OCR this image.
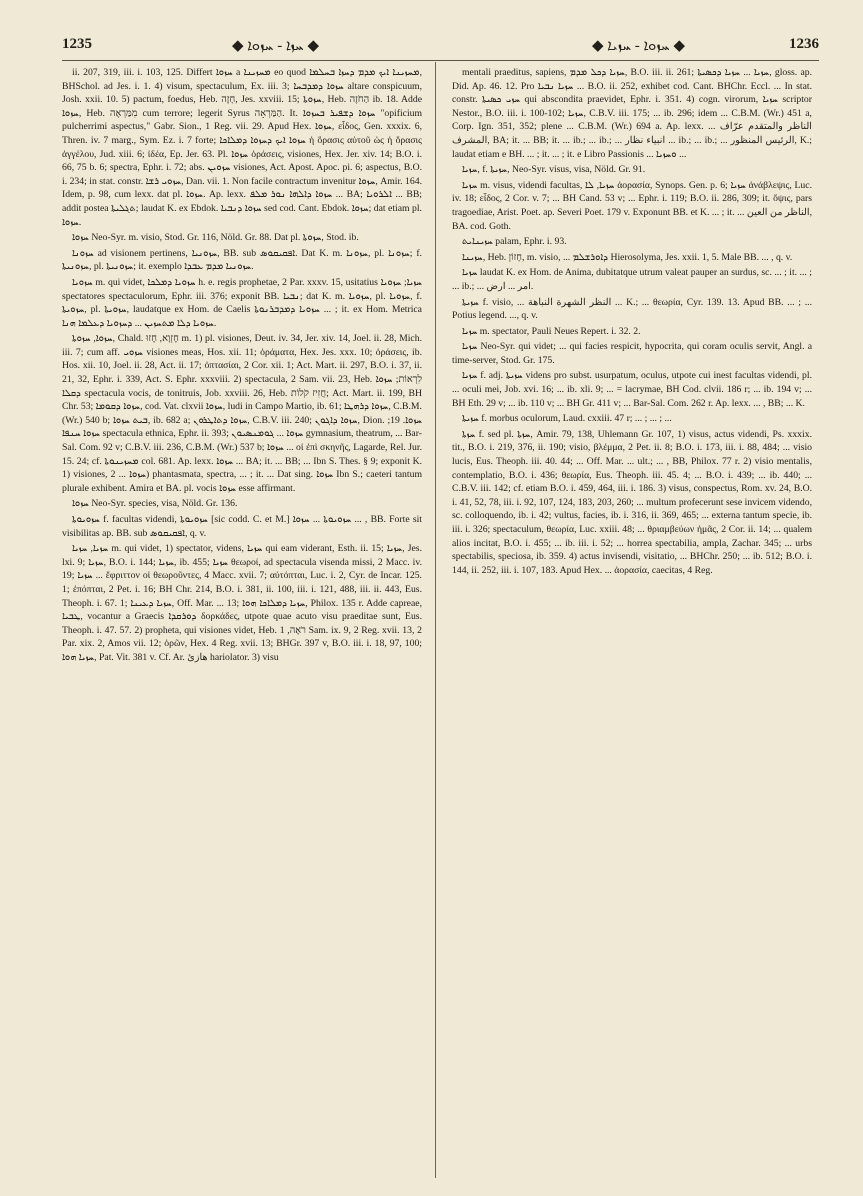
1235	◆ ܚܙܐ - ܚܙܘܐ ◆	◆ ܚܙܘܐ - ܚܙܝܐ ◆	1236

ii. 207, 319, iii. i. 103, 125. Differt ܚܙܘܐ a ܡܚܙܝܢܐ eo quod ܡܚܙܝܢܐ ܐܝܟ ܡܕܡ ܕܚܙܐ ܒܚܠܡܐ, BHSchol. ad Jes. i. 1. 4) visum, spectaculum, Ex. iii. 3; ܚܙܘܐ ܕܡܕܒܚܐ altare conspicuum, Josh. xxii. 10. 5) pactum, foedus, Heb. חָזֶה, Jes. xxviii. 15; ܚܙܘܬܐ, Heb. הַחֹזֶה ib. 18. Adde ܚܙܘܐ, Heb. מִמַּרְאֶה cum terrore; legerit Syrus הַמַּרְאָה. It. ܚܙܘܐ ܕܫܦܝܪ ܒܚܙܘܐ "opificium pulcherrimi aspectus," Gabr. Sion., 1 Reg. vii. 29. Apud Hex. ܚܙܘܐ, εἶδος, Gen. xxxix. 6, Thren. iv. 7 marg., Sym. Ez. i. 7 forte; ܚܙܘܐ ܐܝܟ ܕܚܙܘܐ ܕܡܠܐܟܐ ἡ ὅρασις αὐτοῦ ὡς ἡ ὅρασις ἀγγέλου, Jud. xiii. 6; ἰδέα, Ep. Jer. 63. Pl. ܚܙܘܐ ὁράσεις, visiones, Hex. Jer. xiv. 14; B.O. i. 66, 75 b. 6; spectra, Ephr. i. 72; abs. ܚܙܘܝܢ visiones, Act. Apost. Apoc. pi. 6; aspectus, B.O. i. 234; in stat. constr. ܚܙܘܝ ܪܫܐ, Dan. vii. 1. Non facile contractum invenitur ܚܙܘܐ, Amir. 164. Idem, p. 98, cum lexx. dat pl. ܚܙܘܐ. Ap. lexx. ܚܙܘܐ ܕܐܠܗܐ ܢܘܪ ܡܠܦ ... BA; ܐܠܪܘܝܐ ... BB; addit postea ܬܓܠܝܬܐ; laudat K. ex Ebdok. ܚܙܘܐ ܕܢܒܝܐ sed cod. Cant. Ebdok. ܚܙܘܐ; dat etiam pl. ܚܙܘܐ.

ܚܙܘܐ Neo-Syr. m. visio, Stod. Gr. 116, Nöld. Gr. 88. Dat pl. ܚܙܘܬܐ, Stod. ib.

ܚܙܘܢܐ ad visionem pertinens, ܚܙܘܢܝܐ, BB. sub ܐܦܩܝܩܘܣ. Dat K. m. ܚܙܘܢܐ, pl. ܚܙܘܢܐ; f. ܚܙܘܢܝܬܐ, pl. ܚܙܘܢܝܬܐ; it. exemplo ܚܙܘܢܝܐ ܡܕܡ ܥܒܕܐ.

ܚܙܘܝܐ m. qui videt, ܚܙܘܝܐ ܕܡܠܟܐ h. e. regis prophetae, 2 Par. xxxv. 15, usitatius ܚܙܝܐ; ܚܙܘܝܐ spectatores spectaculorum, Ephr. iii. 376; exponit BB. ܢܒܝܐ; dat K. m. ܚܙܘܝܐ, pl. ܚܙܘܝܐ, f. ܚܙܘܝܬܐ, pl. ܚܙܘܝܬܐ, laudatque ex Hom. de Caelis ܚܙܘܝܐ ܕܡܕܒܪܢܘܬܐ ... ; it. ex Hom. Metrica ܚܙܘܝܐ ܕܠܐ ܡܬܚܙܝܢ ... ܕܚܙܘܝܐ ܕܥܠܡܐ ܗܢܐ.

ܚܙܘܐ, ܚܙܘܬܐ, Chald. חֶזְוָא, חֶזוּ m. 1) pl. visiones, Deut. iv. 34, Jer. xiv. 14, Joel. ii. 28, Mich. iii. 7; cum aff. ܚܙܘܝ visiones meas, Hos. xii. 11; ὁράματα, Hex. Jes. xxx. 10; ὁράσεις, ib. Hos. xii. 10, Joel. ii. 28, Act. ii. 17; ὀπτασίαι, 2 Cor. xii. 1; Act. Mart. ii. 297, B.O. i. 37, ii. 21, 32, Ephr. i. 339, Act. S. Ephr. xxxviii. 2) spectacula, 2 Sam. vii. 23, Heb. לִרְאוֹת; ܚܙܘܐ ܕܩܠܐ spectacula vocis, de tonitruis, Job. xxviii. 26, Heb. חֲזִיז קֹלוֹת; Act. Mart. ii. 199, BH Chr. 53; ܚܙܘܐ ܕܩܘܡܐ, cod. Vat. clxvii ܚܙܘܐ, ludi in Campo Martio, ib. 61; ܚܙܘܐ ܕܪܗܛܐ, C.B.M. (Wr.) 540 b; ܒܝܬ ܚܙܘܐ, ib. 682 a; ܚܙܘܐ ܕܬܐܛܪܘܢ, C.B.V. iii. 240; ܚܙܘܐ ܕܐܓܘܢ, Dion. ܚܙܘܐ. 19; ܚܙܘܐ ܚܢܦܐ spectacula ethnica, Ephr. ii. 393; ܚܙܘܐ ... ܓܘܡܢܣܝܘܢ gymnasium, theatrum, ... Bar-Sal. Com. 92 v; C.B.V. iii. 236, C.B.M. (Wr.) 537 b; ܚܙܘܐ ... οἱ ἐπὶ σκηνῆς, Lagarde, Rel. Jur. 15. 24; cf. ܡܚܙܝܢܘܬܐ col. 681. Ap. lexx. ܚܙܘܐ ... BA; it. ... BB; ... Ibn S. Thes. § 9; exponit K. 1) visiones, ܚܙܘܐ ... 2) phantasmata, spectra, ... ; it. ... Dat sing. ܚܙܘܐ Ibn S.; caeteri tantum plurale exhibent. Amira et BA. pl. vocis ܚܙܘܐ esse affirmant.

ܚܙܘܐ Neo-Syr. species, visa, Nöld. Gr. 136.

ܚܙܘܝܘܬܐ f. facultas videndi, ܚܙܘܝܘܬܐ [sic codd. C. et M.] ܚܙܘܝܘܬܐ ... ܚܙܘܐ ... , BB. Forte sit visibilitas ap. BB. sub ܐܦܩܝܩܘܣ, q. v.

ܚܙܝܐ, ܚܙܝܐ m. qui videt, 1) spectator, videns, ܚܙܝܐ qui eam viderant, Esth. ii. 15; ܚܙܝܐ, Jes. lxi. 9; ܚܙܝܐ, B.O. i. 144; ܚܙܝܐ, ib. 455; ܚܙܝܐ θεωροί, ad spectacula visenda missi, 2 Macc. iv. 19; ܚܙܝܐ ... ἔφριττον οἱ θεωροῦντες, 4 Macc. xvii. 7; αὐτόπται, Luc. i. 2, Cyr. de Incar. 125. 1; ἐπόπται, 2 Pet. i. 16; BH Chr. 214, B.O. i. 381, ii. 100, iii. i. 121, 488, iii. ii. 443, Eus. Theoph. i. 67. 1; ܚܙܝܐ ܕܥܝܢܐ, Off. Mar. ... 13; ܚܙܝܐ ܕܡܠܐܟܐ ܗܘܐ, Philox. 135 r. Adde capreae, ܛܒܝܐ, vocantur a Graecis ܕܘܪܩܕܐ δορκάδες, utpote quae acuto visu praeditae sunt, Eus. Theoph. i. 47. 57. 2) propheta, qui visiones videt, Heb. רֹאֶה, 1 Sam. ix. 9, 2 Reg. xvii. 13, 2 Par. xix. 2, Amos vii. 12; ὁρῶν, Hex. 4 Reg. xvii. 13; BHGr. 397 v, B.O. iii. i. 18, 97, 100; ܚܙܝܐ ܗܘܐ, Pat. Vit. 381 v. Cf. Ar. هازئ hariolator. 3) visu

mentali praeditus, sapiens, ܚܙܝܐ ܕܟܠ ܡܕܡ, B.O. iii. ii. 261; ܚܙܝܐ ... ܚܙܝܐ ܕܟܣܝܬܐ, gloss. ap. Did. Ap. 46. 12. Pro ܚܙܝܐ ܢܒܝܐ ... B.O. ii. 252, exhibet cod. Cant. BHChr. Eccl. ... In stat. constr. ܚܙܝ ܟܣܝܬܐ qui abscondita praevidet, Ephr. i. 351. 4) cogn. virorum, ܚܙܝܐ scriptor Nestor., B.O. iii. i. 100-102; ܚܙܝܐ, C.B.V. iii. 175; ... ib. 296; idem ... C.B.M. (Wr.) 451 a, Corp. Ign. 351, 352; plene ... C.B.M. (Wr.) 694 a. Ap. lexx. ... الناظر والمتقدم عرّاف المشرف, BA; it. ... BB; it. ... ib.; ... ib.; ... انبياء نظار ... ib.; ... ib.; ... الرئيس المنظور, K.; laudat etiam e BH. ... ; it. ... ; it. e Libro Passionis ... ܘܚܙܝܐ ...

ܚܙܝܐ, f. ܚܙܝܬܐ, Neo-Syr. visus, visa, Nöld. Gr. 91.

ܚܙܝܐ m. visus, videndi facultas, ܚܙܝܐ, ܠܐ ἀορασία, Synops. Gen. p. 6; ܚܙܝܐ ἀνάβλεψις, Luc. iv. 18; εἶδος, 2 Cor. v. 7; ... BH Cand. 53 v; ... Ephr. i. 119; B.O. ii. 286, 309; it. ὄψις, pars tragoediae, Arist. Poet. ap. Severi Poet. 179 v. Exponunt BB. et K. ... ; it. ... الناظر من العين, BA. cod. Goth.

ܚܙܝܢܐܝܬ palam, Ephr. i. 93.

ܚܙܝܢܐ, Heb. חָזוֹן, m. visio, ... ܕܐܘܪܫܠܡ Hierosolyma, Jes. xxii. 1, 5. Male BB. ... , q. v.

ܚܙܝܐ laudat K. ex Hom. de Anima, dubitatque utrum valeat pauper an surdus, sc. ... ; it. ... ; ... ib.; ... امر ... ارض.

ܚܙܝܬܐ f. visio, ... النظر الشهرة النباهة ... K.; ... θεωρία, Cyr. 139. 13. Apud BB. ... ; ... Potius legend. ..., q. v.

ܚܙܝܐ m. spectator, Pauli Neues Repert. i. 32. 2.

ܚܙܝܐ Neo-Syr. qui videt; ... qui facies respicit, hypocrita, qui coram oculis servit, Angl. a time-server, Stod. Gr. 175.

ܚܙܝܐ f. adj. ܚܙܝܬܐ videns pro subst. usurpatum, oculus, utpote cui inest facultas videndi, pl. ... oculi mei, Job. xvi. 16; ... ib. xli. 9; ... = lacrymae, BH Cod. clvii. 186 r; ... ib. 194 v; ... BH Eth. 29 v; ... ib. 110 v; ... BH Gr. 411 v; ... Bar-Sal. Com. 262 r. Ap. lexx. ... , BB; ... K.

ܚܙܝܬܐ f. morbus oculorum, Laud. cxxiii. 47 r; ... ; ... ; ...

ܚܙܬܐ f. sed pl. ܚܙܬܐ, Amir. 79, 138, Uhlemann Gr. 107, 1) visus, actus videndi, Ps. xxxix. tit., B.O. i. 219, 376, ii. 190; visio, βλέμμα, 2 Pet. ii. 8; B.O. i. 173, iii. i. 88, 484; ... visio lucis, Eus. Theoph. iii. 40. 44; ... Off. Mar. ... ult.; ... , BB, Philox. 77 r. 2) visio mentalis, contemplatio, B.O. i. 436; θεωρία, Eus. Theoph. iii. 45. 4; ... B.O. i. 439; ... ib. 440; ... C.B.V. iii. 142; cf. etiam B.O. i. 459, 464, iii. i. 186. 3) visus, conspectus, Rom. xv. 24, B.O. i. 41, 52, 78, iii. i. 92, 107, 124, 183, 203, 260; ... multum profecerunt sese invicem videndo, sc. colloquendo, ib. i. 42; vultus, facies, ib. i. 316, ii. 369, 465; ... externa tantum specie, ib. iii. i. 326; spectaculum, θεωρία, Luc. xxiii. 48; ... θριαμβεύων ἡμᾶς, 2 Cor. ii. 14; ... qualem alios incitat, B.O. i. 455; ... ib. iii. i. 52; ... horrea spectabilia, ampla, Zachar. 345; ... urbs spectabilis, speciosa, ib. 359. 4) actus invisendi, visitatio, ... BHChr. 250; ... ib. 512; B.O. i. 144, ii. 252, iii. i. 107, 183. Apud Hex. ... ἀορασία, caecitas, 4 Reg.
